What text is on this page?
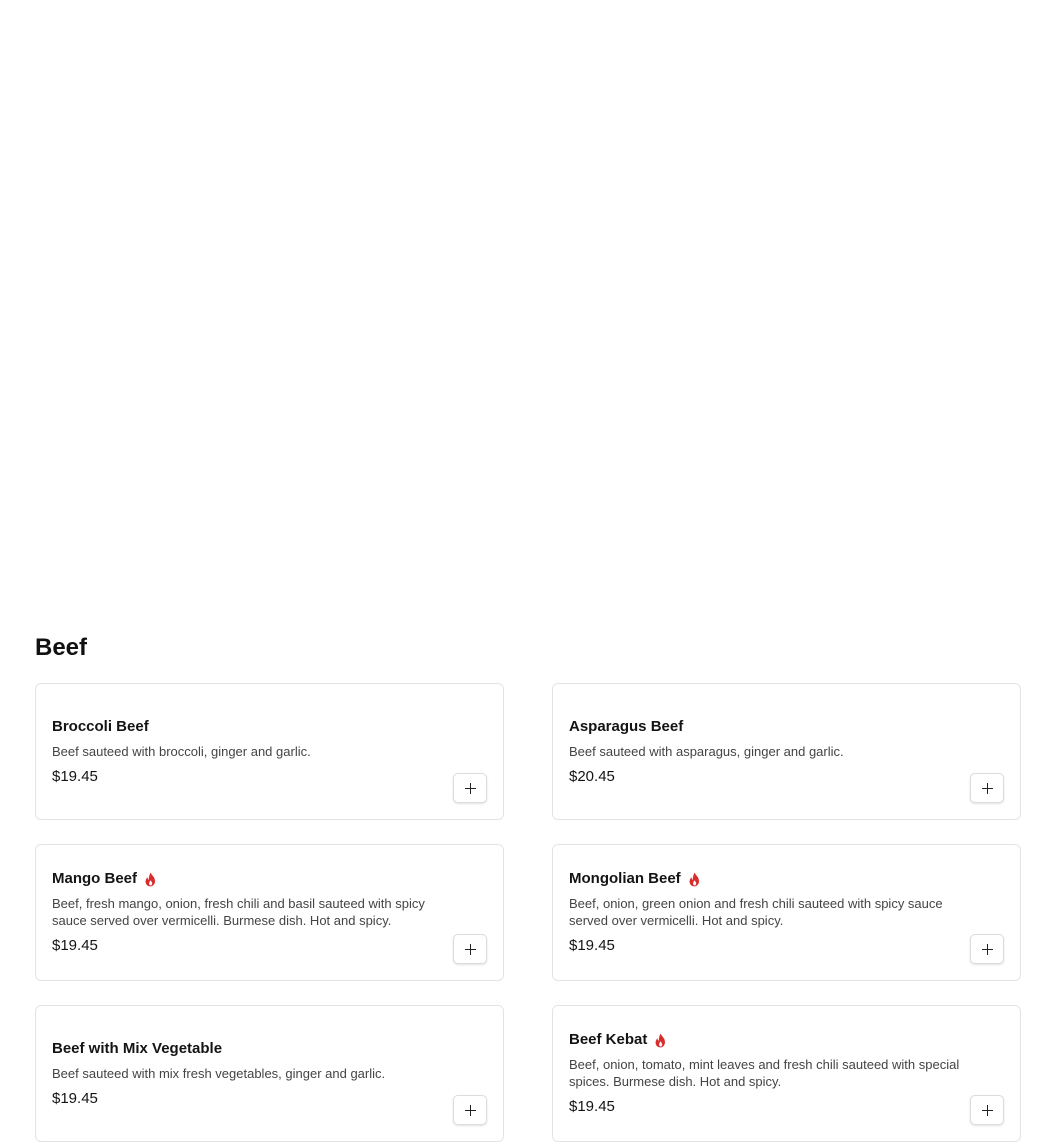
Beef
Broccoli Beef
Beef sauteed with broccoli, ginger and garlic.
$19.45
Asparagus Beef
Beef sauteed with asparagus, ginger and garlic.
$20.45
Mango Beef
Beef, fresh mango, onion, fresh chili and basil sauteed with spicy sauce served over vermicelli. Burmese dish. Hot and spicy.
$19.45
Mongolian Beef
Beef, onion, green onion and fresh chili sauteed with spicy sauce served over vermicelli. Hot and spicy.
$19.45
Beef with Mix Vegetable
Beef sauteed with mix fresh vegetables, ginger and garlic.
$19.45
Beef Kebat
Beef, onion, tomato, mint leaves and fresh chili sauteed with special spices. Burmese dish. Hot and spicy.
$19.45
